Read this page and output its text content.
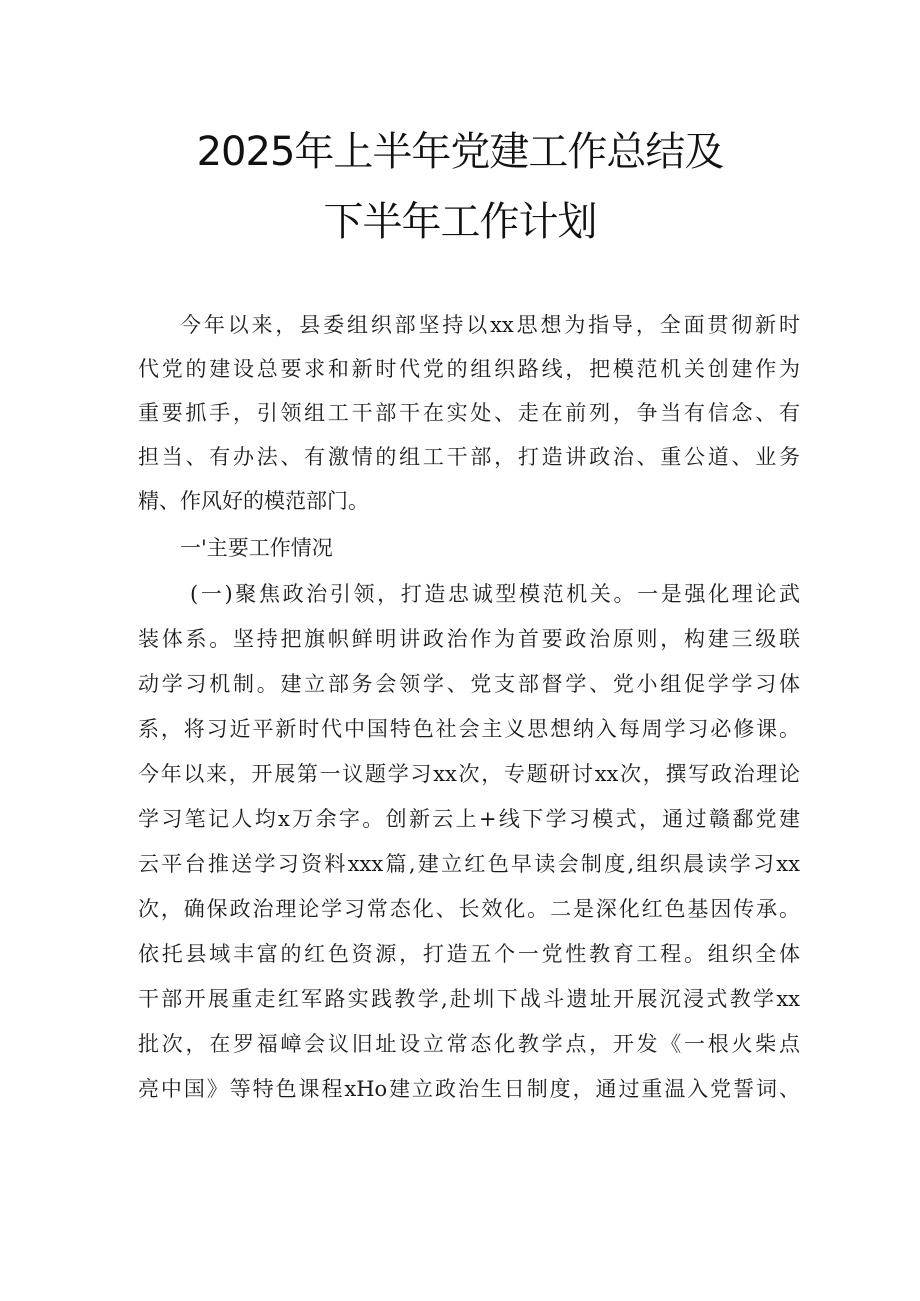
2025年上半年党建工作总结及
下半年工作计划
今年以来，县委组织部坚持以xx思想为指导，全面贯彻新时
代党的建设总要求和新时代党的组织路线，把模范机关创建作为
重要抓手，引领组工干部干在实处、走在前列，争当有信念、有
担当、有办法、有激情的组工干部，打造讲政治、重公道、业务
精、作风好的模范部门。
一'主要工作情况
(一)聚焦政治引领，打造忠诚型模范机关。一是强化理论武
装体系。坚持把旗帜鲜明讲政治作为首要政治原则，构建三级联
动学习机制。建立部务会领学、党支部督学、党小组促学学习体
系，将习近平新时代中国特色社会主义思想纳入每周学习必修课。
今年以来，开展第一议题学习xx次，专题研讨xx次，撰写政治理论
学习笔记人均x万余字。创新云上+线下学习模式，通过赣鄱党建
云平台推送学习资料xxx篇,建立红色早读会制度,组织晨读学习xx
次，确保政治理论学习常态化、长效化。二是深化红色基因传承。
依托县域丰富的红色资源，打造五个一党性教育工程。组织全体
干部开展重走红军路实践教学,赴圳下战斗遗址开展沉浸式教学xx
批次，在罗福嶂会议旧址设立常态化教学点，开发《一根火柴点
亮中国》等特色课程xHo建立政治生日制度，通过重温入党誓词、
